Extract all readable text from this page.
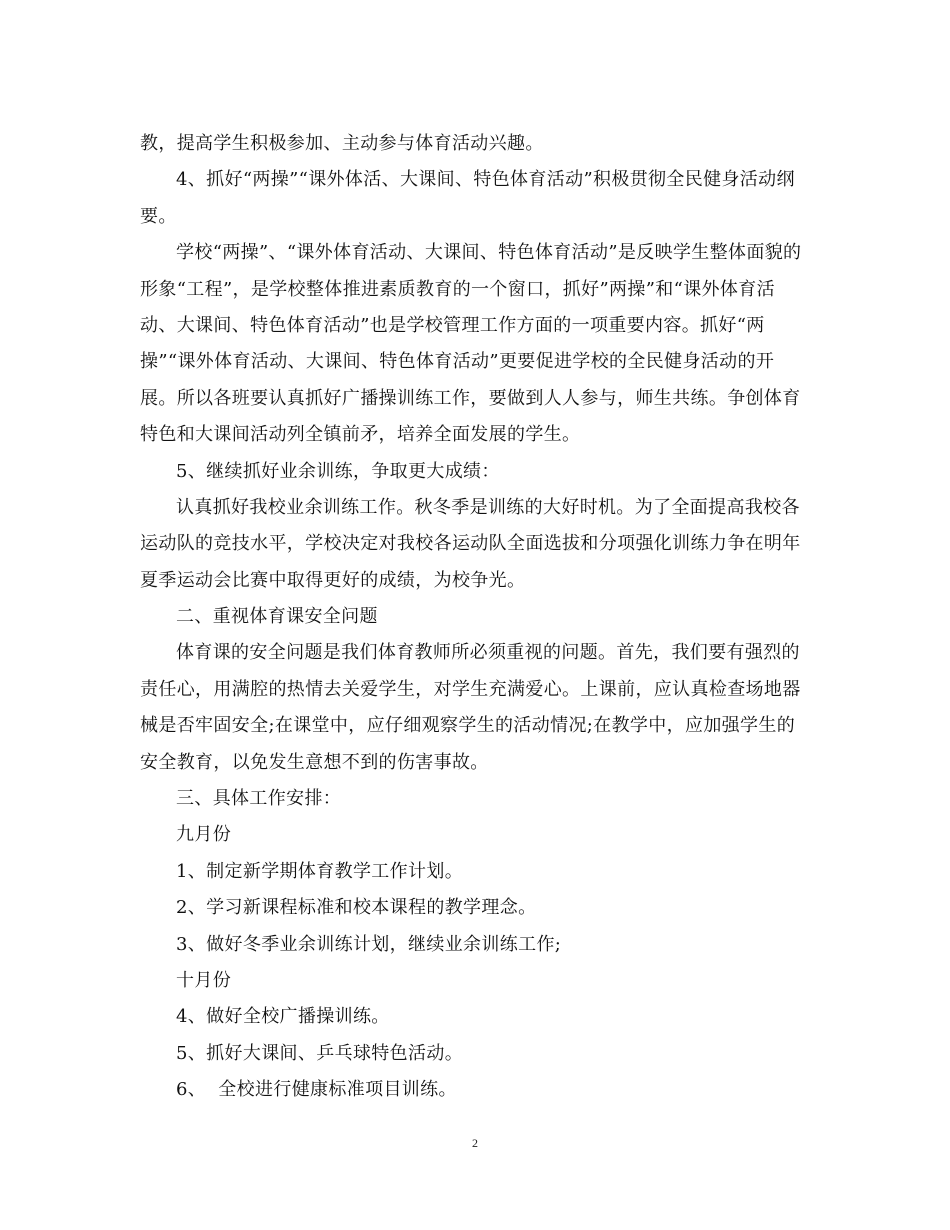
教，提高学生积极参加、主动参与体育活动兴趣。
4、抓好“两操”“课外体活、大课间、特色体育活动”积极贯彻全民健身活动纲
要。
学校“两操”、“课外体育活动、大课间、特色体育活动”是反映学生整体面貌的
形象“工程”，是学校整体推进素质教育的一个窗口，抓好”两操”和“课外体育活
动、大课间、特色体育活动”也是学校管理工作方面的一项重要内容。抓好“两
操”“课外体育活动、大课间、特色体育活动”更要促进学校的全民健身活动的开
展。所以各班要认真抓好广播操训练工作，要做到人人参与，师生共练。争创体育
特色和大课间活动列全镇前矛，培养全面发展的学生。
5、继续抓好业余训练，争取更大成绩：
认真抓好我校业余训练工作。秋冬季是训练的大好时机。为了全面提高我校各
运动队的竞技水平，学校决定对我校各运动队全面选拔和分项强化训练力争在明年
夏季运动会比赛中取得更好的成绩，为校争光。
二、重视体育课安全问题
体育课的安全问题是我们体育教师所必须重视的问题。首先，我们要有强烈的
责任心，用满腔的热情去关爱学生，对学生充满爱心。上课前，应认真检查场地器
械是否牢固安全;在课堂中，应仔细观察学生的活动情况;在教学中，应加强学生的
安全教育，以免发生意想不到的伤害事故。
三、具体工作安排：
九月份
1、制定新学期体育教学工作计划。
2、学习新课程标准和校本课程的教学理念。
3、做好冬季业余训练计划，继续业余训练工作;
十月份
4、做好全校广播操训练。
5、抓好大课间、乒乓球特色活动。
6、  全校进行健康标准项目训练。
2
